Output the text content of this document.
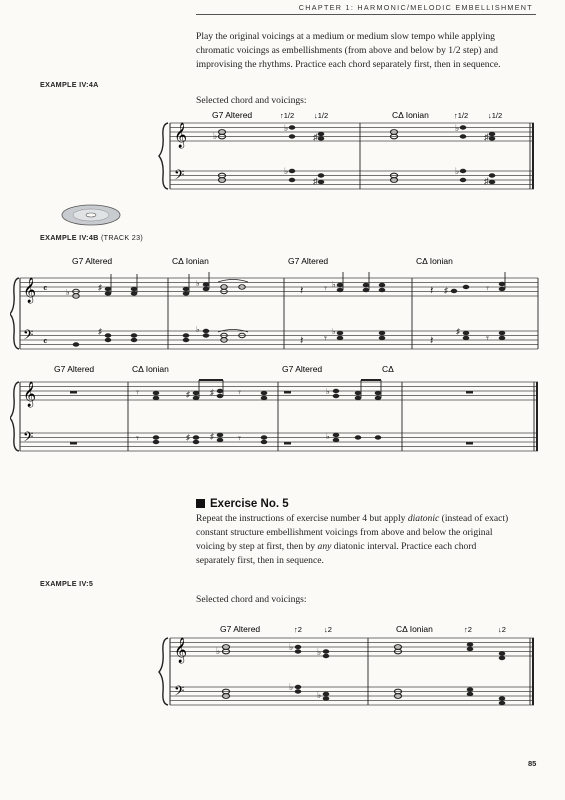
CHAPTER 1: HARMONIC/MELODIC EMBELLISHMENT
Play the original voicings at a medium or medium slow tempo while applying
chromatic voicings as embellishments (from above and below by 1/2 step) and
improvising the rhythms. Practice each chord separately first, then in sequence.
EXAMPLE IV:4A
Selected chord and voicings:
G7 Altered	↑1/2	↓1/2	CΔ Ionian	↑1/2	↓1/2
𝄞
𝄢
♭
♭
♯
♭
♯
♭
♯
♭
♯
EXAMPLE IV:4B (TRACK 23)
G7 Altered	CΔ Ionian	G7 Altered	CΔ Ionian
𝄞
𝄢
𝄴
𝄴
𝄽 𝄾	𝄽	𝄾
𝄽 𝄾	𝄽	𝄾
♭
♯	♭	♭
♯
♯	♭	♭	♯
G7 Altered	CΔ Ionian	G7 Altered	CΔ
𝄞
𝄢
𝄾	𝄾
𝄾	𝄾
♯	♯	♭
♯	♯	♭
Exercise No. 5
Repeat the instructions of exercise number 4 but apply diatonic (instead of exact)
constant structure embellishment voicings from above and below the original
voicing by step at first, then by any diatonic interval. Practice each chord
separately first, then in sequence.
EXAMPLE IV:5
Selected chord and voicings:
G7 Altered	↑2	↓2	CΔ Ionian	↑2	↓2
𝄞
𝄢
♭	♭	♭
♭
♭
85
